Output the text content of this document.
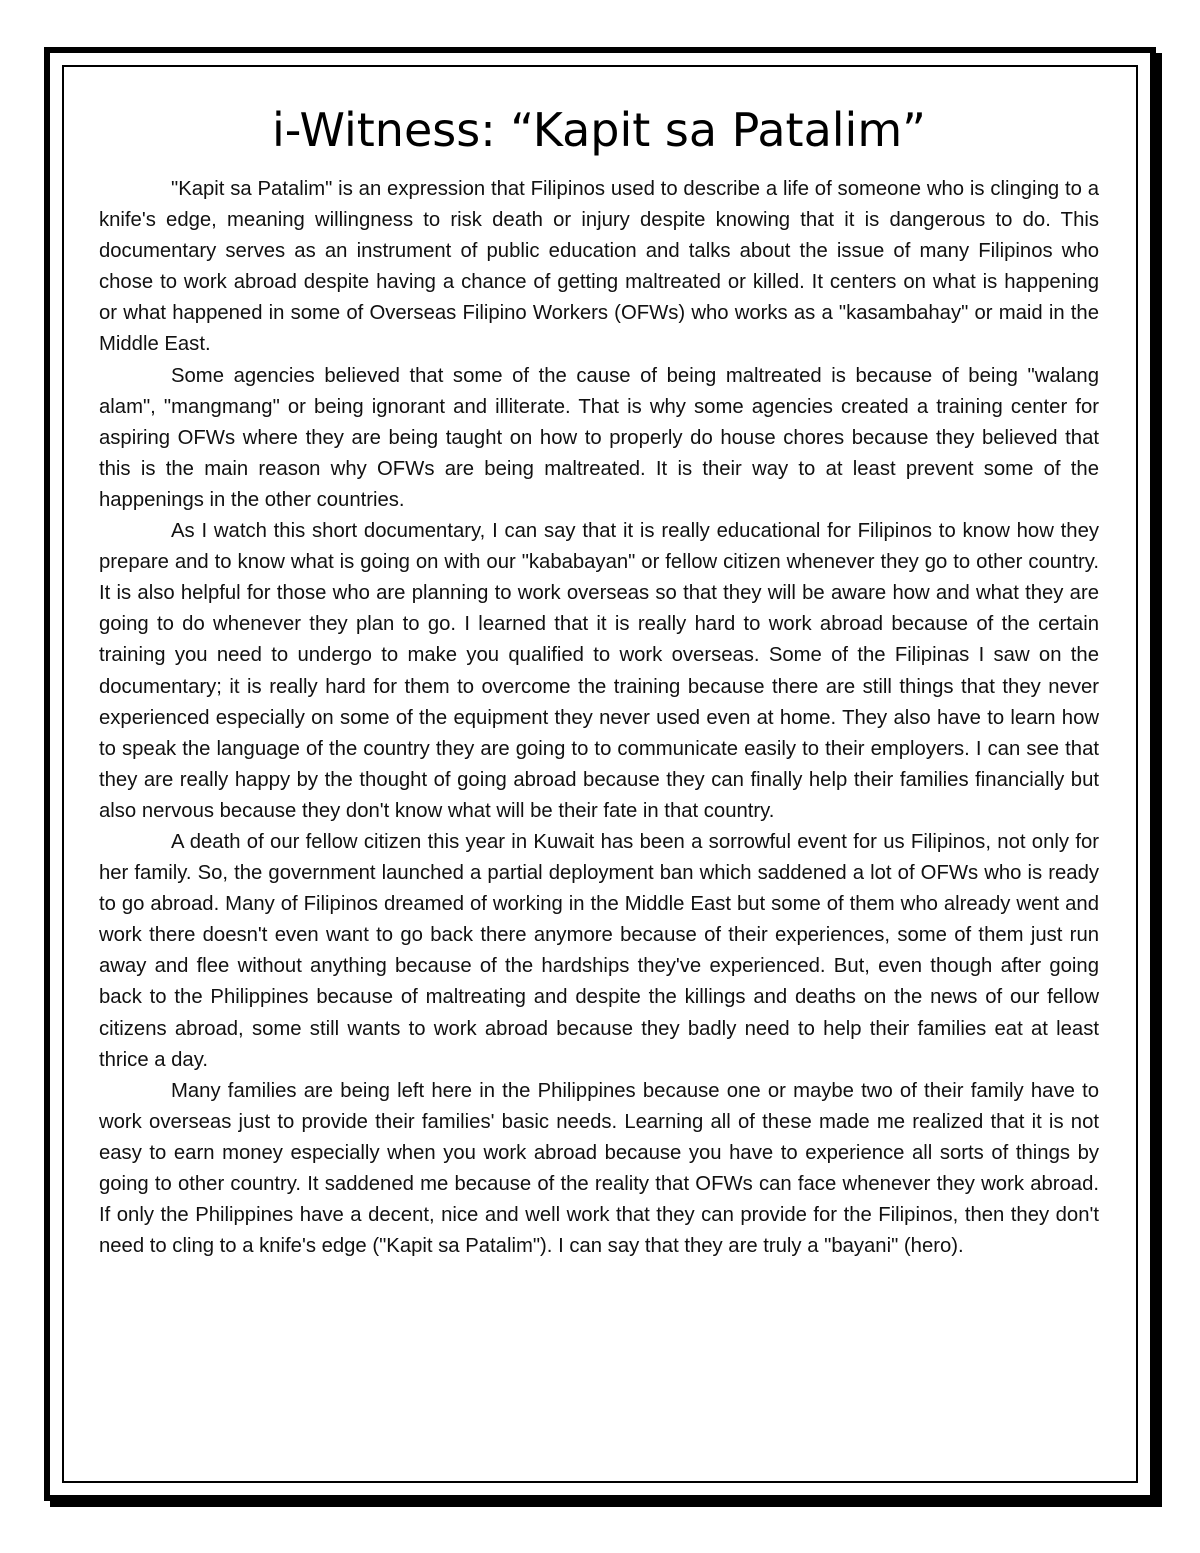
i-Witness: “Kapit sa Patalim”

"Kapit sa Patalim" is an expression that Filipinos used to describe a life of someone who is clinging to a knife's edge, meaning willingness to risk death or injury despite knowing that it is dangerous to do. This documentary serves as an instrument of public education and talks about the issue of many Filipinos who chose to work abroad despite having a chance of getting maltreated or killed. It centers on what is happening or what happened in some of Overseas Filipino Workers (OFWs) who works as a "kasambahay" or maid in the Middle East.

Some agencies believed that some of the cause of being maltreated is because of being "walang alam", "mangmang" or being ignorant and illiterate. That is why some agencies created a training center for aspiring OFWs where they are being taught on how to properly do house chores because they believed that this is the main reason why OFWs are being maltreated. It is their way to at least prevent some of the happenings in the other countries.

As I watch this short documentary, I can say that it is really educational for Filipinos to know how they prepare and to know what is going on with our "kababayan" or fellow citizen whenever they go to other country. It is also helpful for those who are planning to work overseas so that they will be aware how and what they are going to do whenever they plan to go. I learned that it is really hard to work abroad because of the certain training you need to undergo to make you qualified to work overseas. Some of the Filipinas I saw on the documentary; it is really hard for them to overcome the training because there are still things that they never experienced especially on some of the equipment they never used even at home. They also have to learn how to speak the language of the country they are going to to communicate easily to their employers. I can see that they are really happy by the thought of going abroad because they can finally help their families financially but also nervous because they don't know what will be their fate in that country.

A death of our fellow citizen this year in Kuwait has been a sorrowful event for us Filipinos, not only for her family. So, the government launched a partial deployment ban which saddened a lot of OFWs who is ready to go abroad. Many of Filipinos dreamed of working in the Middle East but some of them who already went and work there doesn't even want to go back there anymore because of their experiences, some of them just run away and flee without anything because of the hardships they've experienced. But, even though after going back to the Philippines because of maltreating and despite the killings and deaths on the news of our fellow citizens abroad, some still wants to work abroad because they badly need to help their families eat at least thrice a day.

Many families are being left here in the Philippines because one or maybe two of their family have to work overseas just to provide their families' basic needs. Learning all of these made me realized that it is not easy to earn money especially when you work abroad because you have to experience all sorts of things by going to other country. It saddened me because of the reality that OFWs can face whenever they work abroad. If only the Philippines have a decent, nice and well work that they can provide for the Filipinos, then they don't need to cling to a knife's edge ("Kapit sa Patalim"). I can say that they are truly a "bayani" (hero).
